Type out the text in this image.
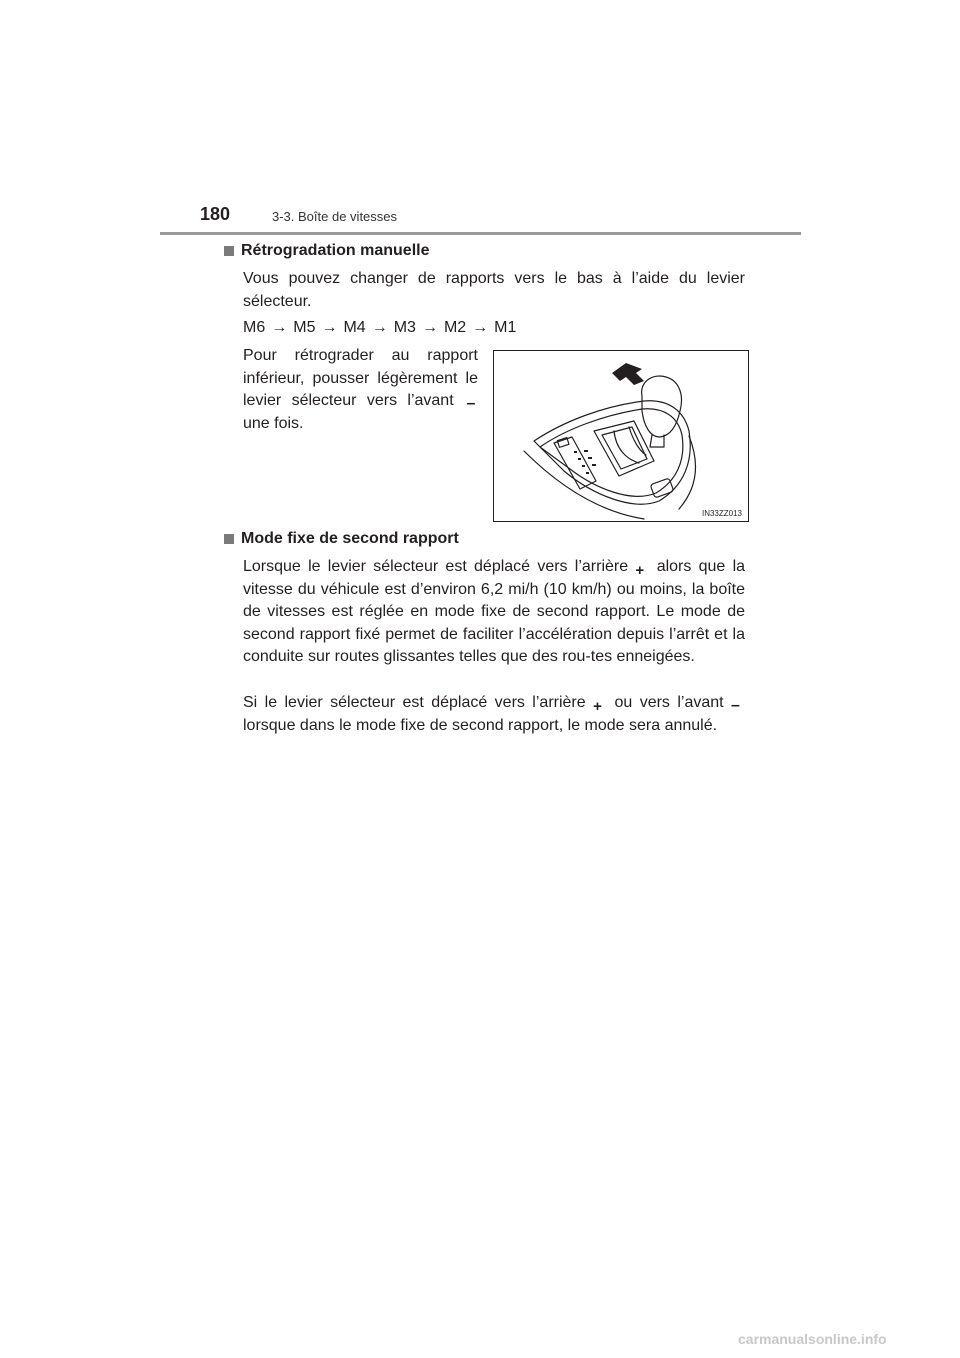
180	3-3. Boîte de vitesses
Rétrogradation manuelle
Vous pouvez changer de rapports vers le bas à l’aide du levier sélecteur.
M6 → M5 → M4 → M3 → M2 → M1
Pour rétrograder au rapport inférieur, pousser légèrement le levier sélecteur vers l’avant – une fois.
IN33ZZ013
Mode fixe de second rapport
Lorsque le levier sélecteur est déplacé vers l’arrière + alors que la vitesse du véhicule est d’environ 6,2 mi/h (10 km/h) ou moins, la boîte de vitesses est réglée en mode fixe de second rapport. Le mode de second rapport fixé permet de faciliter l’accélération depuis l’arrêt et la conduite sur routes glissantes telles que des rou-tes enneigées.
Si le levier sélecteur est déplacé vers l’arrière + ou vers l’avant – lorsque dans le mode fixe de second rapport, le mode sera annulé.
carmanualsonline.info
